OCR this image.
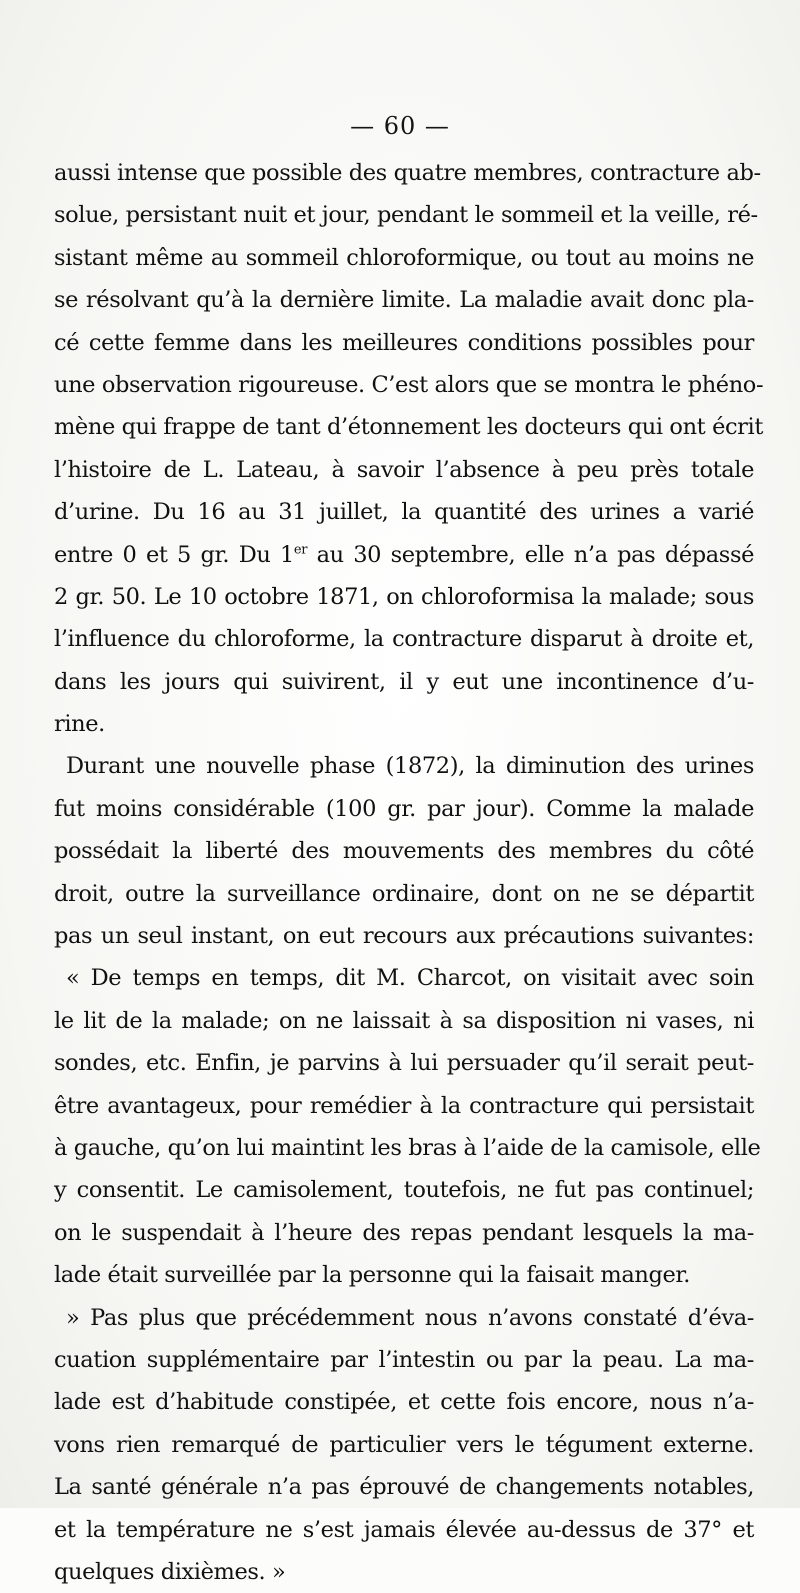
— 60 —
aussi intense que possible des quatre membres, contracture ab-
solue, persistant nuit et jour, pendant le sommeil et la veille, ré-
sistant même au sommeil chloroformique, ou tout au moins ne
se résolvant qu’à la dernière limite. La maladie avait donc pla-
cé cette femme dans les meilleures conditions possibles pour
une observation rigoureuse. C’est alors que se montra le phéno-
mène qui frappe de tant d’étonnement les docteurs qui ont écrit
l’histoire de L. Lateau, à savoir l’absence à peu près totale
d’urine. Du 16 au 31 juillet, la quantité des urines a varié
entre 0 et 5 gr. Du 1er au 30 septembre, elle n’a pas dépassé
2 gr. 50. Le 10 octobre 1871, on chloroformisa la malade; sous
l’influence du chloroforme, la contracture disparut à droite et,
dans les jours qui suivirent, il y eut une incontinence d’u-
rine.
Durant une nouvelle phase (1872), la diminution des urines
fut moins considérable (100 gr. par jour). Comme la malade
possédait la liberté des mouvements des membres du côté
droit, outre la surveillance ordinaire, dont on ne se départit
pas un seul instant, on eut recours aux précautions suivantes:
« De temps en temps, dit M. Charcot, on visitait avec soin
le lit de la malade; on ne laissait à sa disposition ni vases, ni
sondes, etc. Enfin, je parvins à lui persuader qu’il serait peut-
être avantageux, pour remédier à la contracture qui persistait
à gauche, qu’on lui maintint les bras à l’aide de la camisole, elle
y consentit. Le camisolement, toutefois, ne fut pas continuel;
on le suspendait à l’heure des repas pendant lesquels la ma-
lade était surveillée par la personne qui la faisait manger.
» Pas plus que précédemment nous n’avons constaté d’éva-
cuation supplémentaire par l’intestin ou par la peau. La ma-
lade est d’habitude constipée, et cette fois encore, nous n’a-
vons rien remarqué de particulier vers le tégument externe.
La santé générale n’a pas éprouvé de changements notables,
et la température ne s’est jamais élevée au-dessus de 37° et
quelques dixièmes. »
